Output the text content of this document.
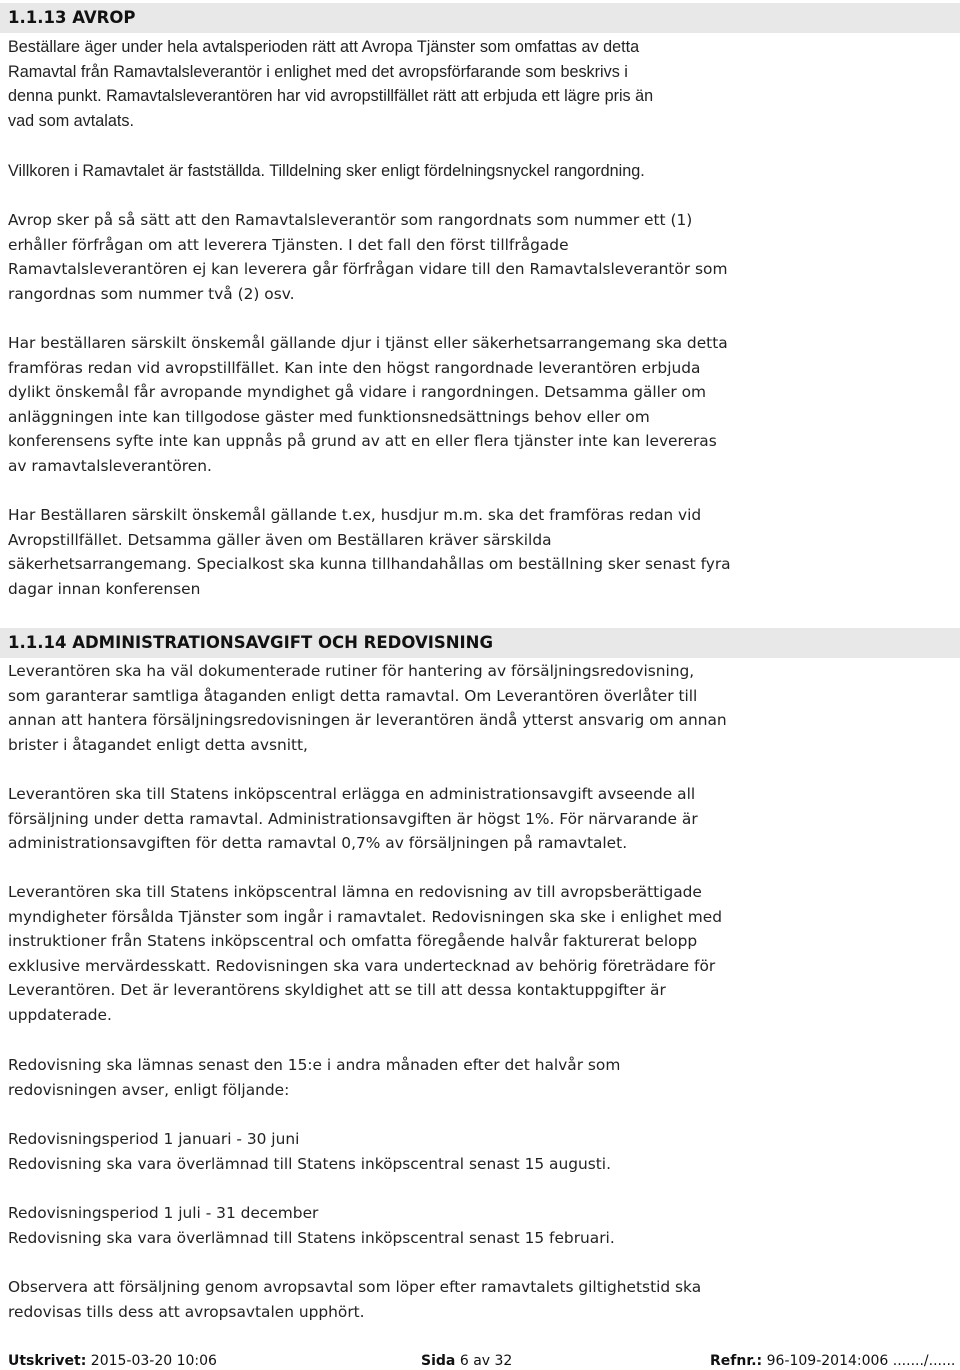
1.1.13 AVROP

Beställare äger under hela avtalsperioden rätt att Avropa Tjänster som omfattas av detta
Ramavtal från Ramavtalsleverantör i enlighet med det avropsförfarande som beskrivs i
denna punkt. Ramavtalsleverantören har vid avropstillfället rätt att erbjuda ett lägre pris än
vad som avtalats.

Villkoren i Ramavtalet är fastställda. Tilldelning sker enligt fördelningsnyckel rangordning.

Avrop sker på så sätt att den Ramavtalsleverantör som rangordnats som nummer ett (1)
erhåller förfrågan om att leverera Tjänsten. I det fall den först tillfrågade
Ramavtalsleverantören ej kan leverera går förfrågan vidare till den Ramavtalsleverantör som
rangordnas som nummer två (2) osv.

Har beställaren särskilt önskemål gällande djur i tjänst eller säkerhetsarrangemang ska detta
framföras redan vid avropstillfället. Kan inte den högst rangordnade leverantören erbjuda
dylikt önskemål får avropande myndighet gå vidare i rangordningen. Detsamma gäller om
anläggningen inte kan tillgodose gäster med funktionsnedsättnings behov eller om
konferensens syfte inte kan uppnås på grund av att en eller flera tjänster inte kan levereras
av ramavtalsleverantören.

Har Beställaren särskilt önskemål gällande t.ex, husdjur m.m. ska det framföras redan vid
Avropstillfället. Detsamma gäller även om Beställaren kräver särskilda
säkerhetsarrangemang. Specialkost ska kunna tillhandahållas om beställning sker senast fyra
dagar innan konferensen

1.1.14 ADMINISTRATIONSAVGIFT OCH REDOVISNING

Leverantören ska ha väl dokumenterade rutiner för hantering av försäljningsredovisning,
som garanterar samtliga åtaganden enligt detta ramavtal. Om Leverantören överlåter till
annan att hantera försäljningsredovisningen är leverantören ändå ytterst ansvarig om annan
brister i åtagandet enligt detta avsnitt,

Leverantören ska till Statens inköpscentral erlägga en administrationsavgift avseende all
försäljning under detta ramavtal. Administrationsavgiften är högst 1%. För närvarande är
administrationsavgiften för detta ramavtal 0,7% av försäljningen på ramavtalet.

Leverantören ska till Statens inköpscentral lämna en redovisning av till avropsberättigade
myndigheter försålda Tjänster som ingår i ramavtalet. Redovisningen ska ske i enlighet med
instruktioner från Statens inköpscentral och omfatta föregående halvår fakturerat belopp
exklusive mervärdesskatt. Redovisningen ska vara undertecknad av behörig företrädare för
Leverantören. Det är leverantörens skyldighet att se till att dessa kontaktuppgifter är
uppdaterade.

Redovisning ska lämnas senast den 15:e i andra månaden efter det halvår som
redovisningen avser, enligt följande:

Redovisningsperiod 1 januari - 30 juni
Redovisning ska vara överlämnad till Statens inköpscentral senast 15 augusti.

Redovisningsperiod 1 juli - 31 december
Redovisning ska vara överlämnad till Statens inköpscentral senast 15 februari.

Observera att försäljning genom avropsavtal som löper efter ramavtalets giltighetstid ska
redovisas tills dess att avropsavtalen upphört.

Utskrivet: 2015-03-20 10:06	Sida 6 av 32	Refnr.: 96-109-2014:006 ......./......
